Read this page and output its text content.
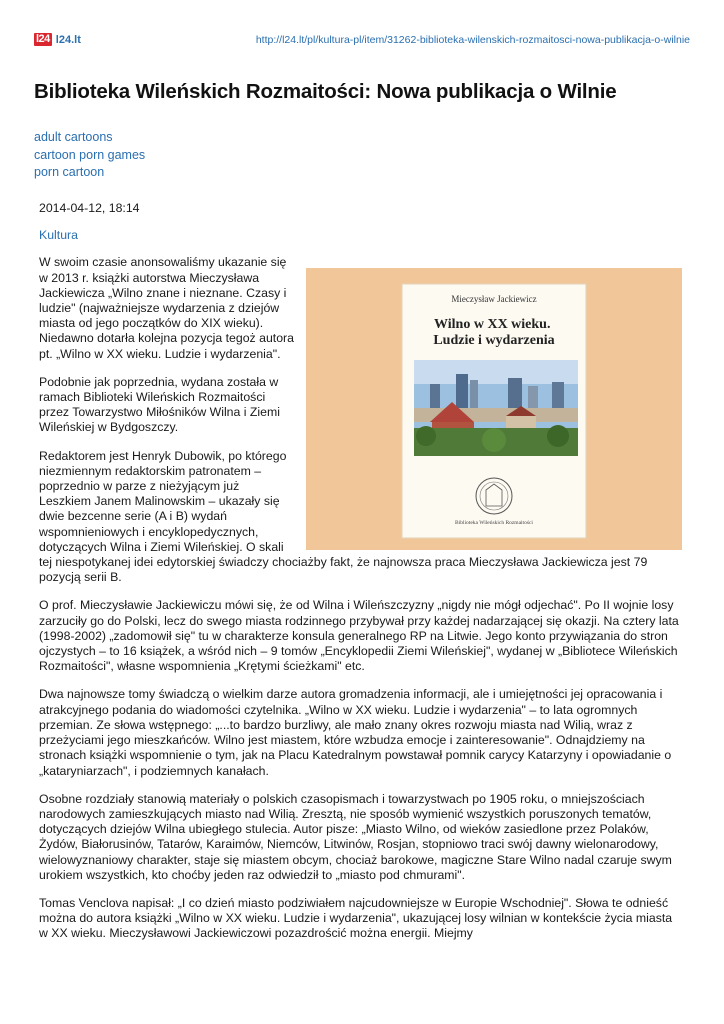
l24 l24.lt	http://l24.lt/pl/kultura-pl/item/31262-biblioteka-wilenskich-rozmaitosci-nowa-publikacja-o-wilnie
Biblioteka Wileńskich Rozmaitości: Nowa publikacja o Wilnie
adult cartoons
cartoon porn games
porn cartoon
2014-04-12, 18:14
Kultura
Mieczysław Jackiewicz
Wilno w XX wieku. Ludzie i wydarzenia
Biblioteka Wileńskich Rozmaitości

W swoim czasie anonsowaliśmy ukazanie się w 2013 r. książki autorstwa Mieczysława Jackiewicza „Wilno znane i nieznane. Czasy i ludzie" (najważniejsze wydarzenia z dziejów miasta od jego początków do XIX wieku). Niedawno dotarła kolejna pozycja tegoż autora pt. „Wilno w XX wieku. Ludzie i wydarzenia".

Podobnie jak poprzednia, wydana została w ramach Biblioteki Wileńskich Rozmaitości przez Towarzystwo Miłośników Wilna i Ziemi Wileńskiej w Bydgoszczy.

Redaktorem jest Henryk Dubowik, po którego niezmiennym redaktorskim patronatem – poprzednio w parze z nieżyjącym już Leszkiem Janem Malinowskim – ukazały się dwie bezcenne serie (A i B) wydań wspomnieniowych i encyklopedycznych, dotyczących Wilna i Ziemi Wileńskiej. O skali tej niespotykanej idei edytorskiej świadczy chociażby fakt, że najnowsza praca Mieczysława Jackiewicza jest 79 pozycją serii B.

O prof. Mieczysławie Jackiewiczu mówi się, że od Wilna i Wileńszczyzny „nigdy nie mógł odjechać". Po II wojnie losy zarzuciły go do Polski, lecz do swego miasta rodzinnego przybywał przy każdej nadarzającej się okazji. Na cztery lata (1998-2002) „zadomowił się" tu w charakterze konsula generalnego RP na Litwie. Jego konto przywiązania do stron ojczystych – to 16 książek, a wśród nich – 9 tomów „Encyklopedii Ziemi Wileńskiej", wydanej w „Bibliotece Wileńskich Rozmaitości", własne wspomnienia „Krętymi ścieżkami" etc.

Dwa najnowsze tomy świadczą o wielkim darze autora gromadzenia informacji, ale i umiejętności jej opracowania i atrakcyjnego podania do wiadomości czytelnika. „Wilno w XX wieku. Ludzie i wydarzenia" – to lata ogromnych przemian. Ze słowa wstępnego: „...to bardzo burzliwy, ale mało znany okres rozwoju miasta nad Wilią, wraz z przeżyciami jego mieszkańców. Wilno jest miastem, które wzbudza emocje i zainteresowanie". Odnajdziemy na stronach książki wspomnienie o tym, jak na Placu Katedralnym powstawał pomnik carycy Katarzyny i opowiadanie o „kataryniarzach", i podziemnych kanałach.

Osobne rozdziały stanowią materiały o polskich czasopismach i towarzystwach po 1905 roku, o mniejszościach narodowych zamieszkujących miasto nad Wilią. Zresztą, nie sposób wymienić wszystkich poruszonych tematów, dotyczących dziejów Wilna ubiegłego stulecia. Autor pisze: „Miasto Wilno, od wieków zasiedlone przez Polaków, Żydów, Białorusinów, Tatarów, Karaimów, Niemców, Litwinów, Rosjan, stopniowo traci swój dawny wielonarodowy, wielowyznaniowy charakter, staje się miastem obcym, chociaż barokowe, magiczne Stare Wilno nadal czaruje swym urokiem wszystkich, kto choćby jeden raz odwiedził to „miasto pod chmurami".

Tomas Venclova napisał: „I co dzień miasto podziwiałem najcudowniejsze w Europie Wschodniej". Słowa te odnieść można do autora książki „Wilno w XX wieku. Ludzie i wydarzenia", ukazującej losy wilnian w kontekście życia miasta w XX wieku. Mieczysławowi Jackiewiczowi pozazdrościć można energii. Miejmy
